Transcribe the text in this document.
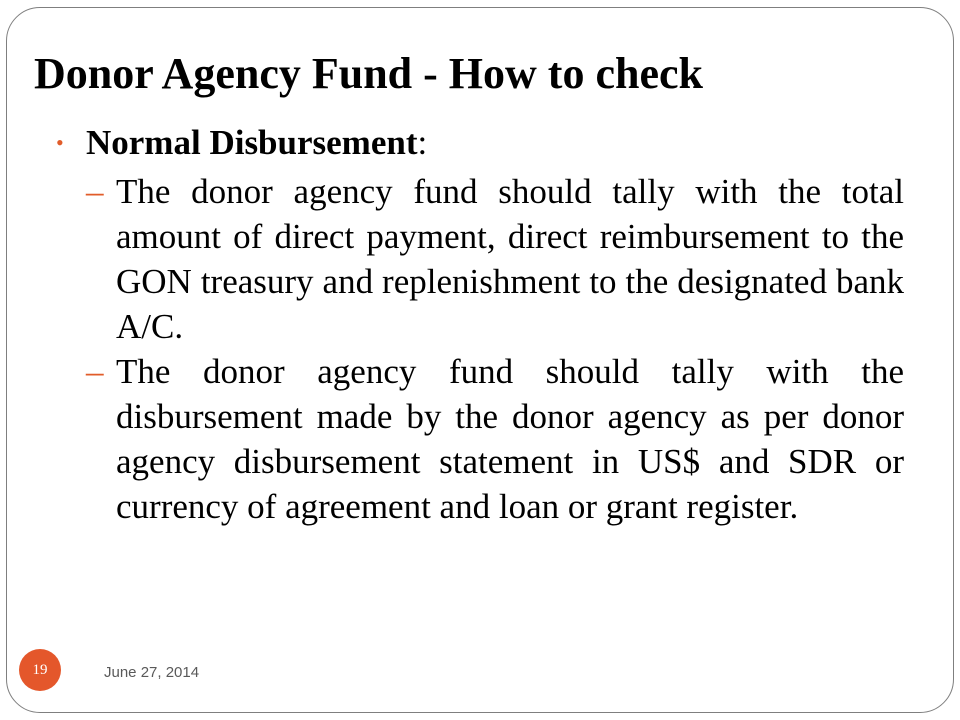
Donor Agency Fund - How to check
• Normal Disbursement:
– The donor agency fund should tally with the total amount of direct payment, direct reimbursement to the GON treasury and replenishment to the designated bank A/C.
– The donor agency fund should tally with the disbursement made by the donor agency as per donor agency disbursement statement in US$ and SDR or currency of agreement and loan or grant register.
19	June 27, 2014
